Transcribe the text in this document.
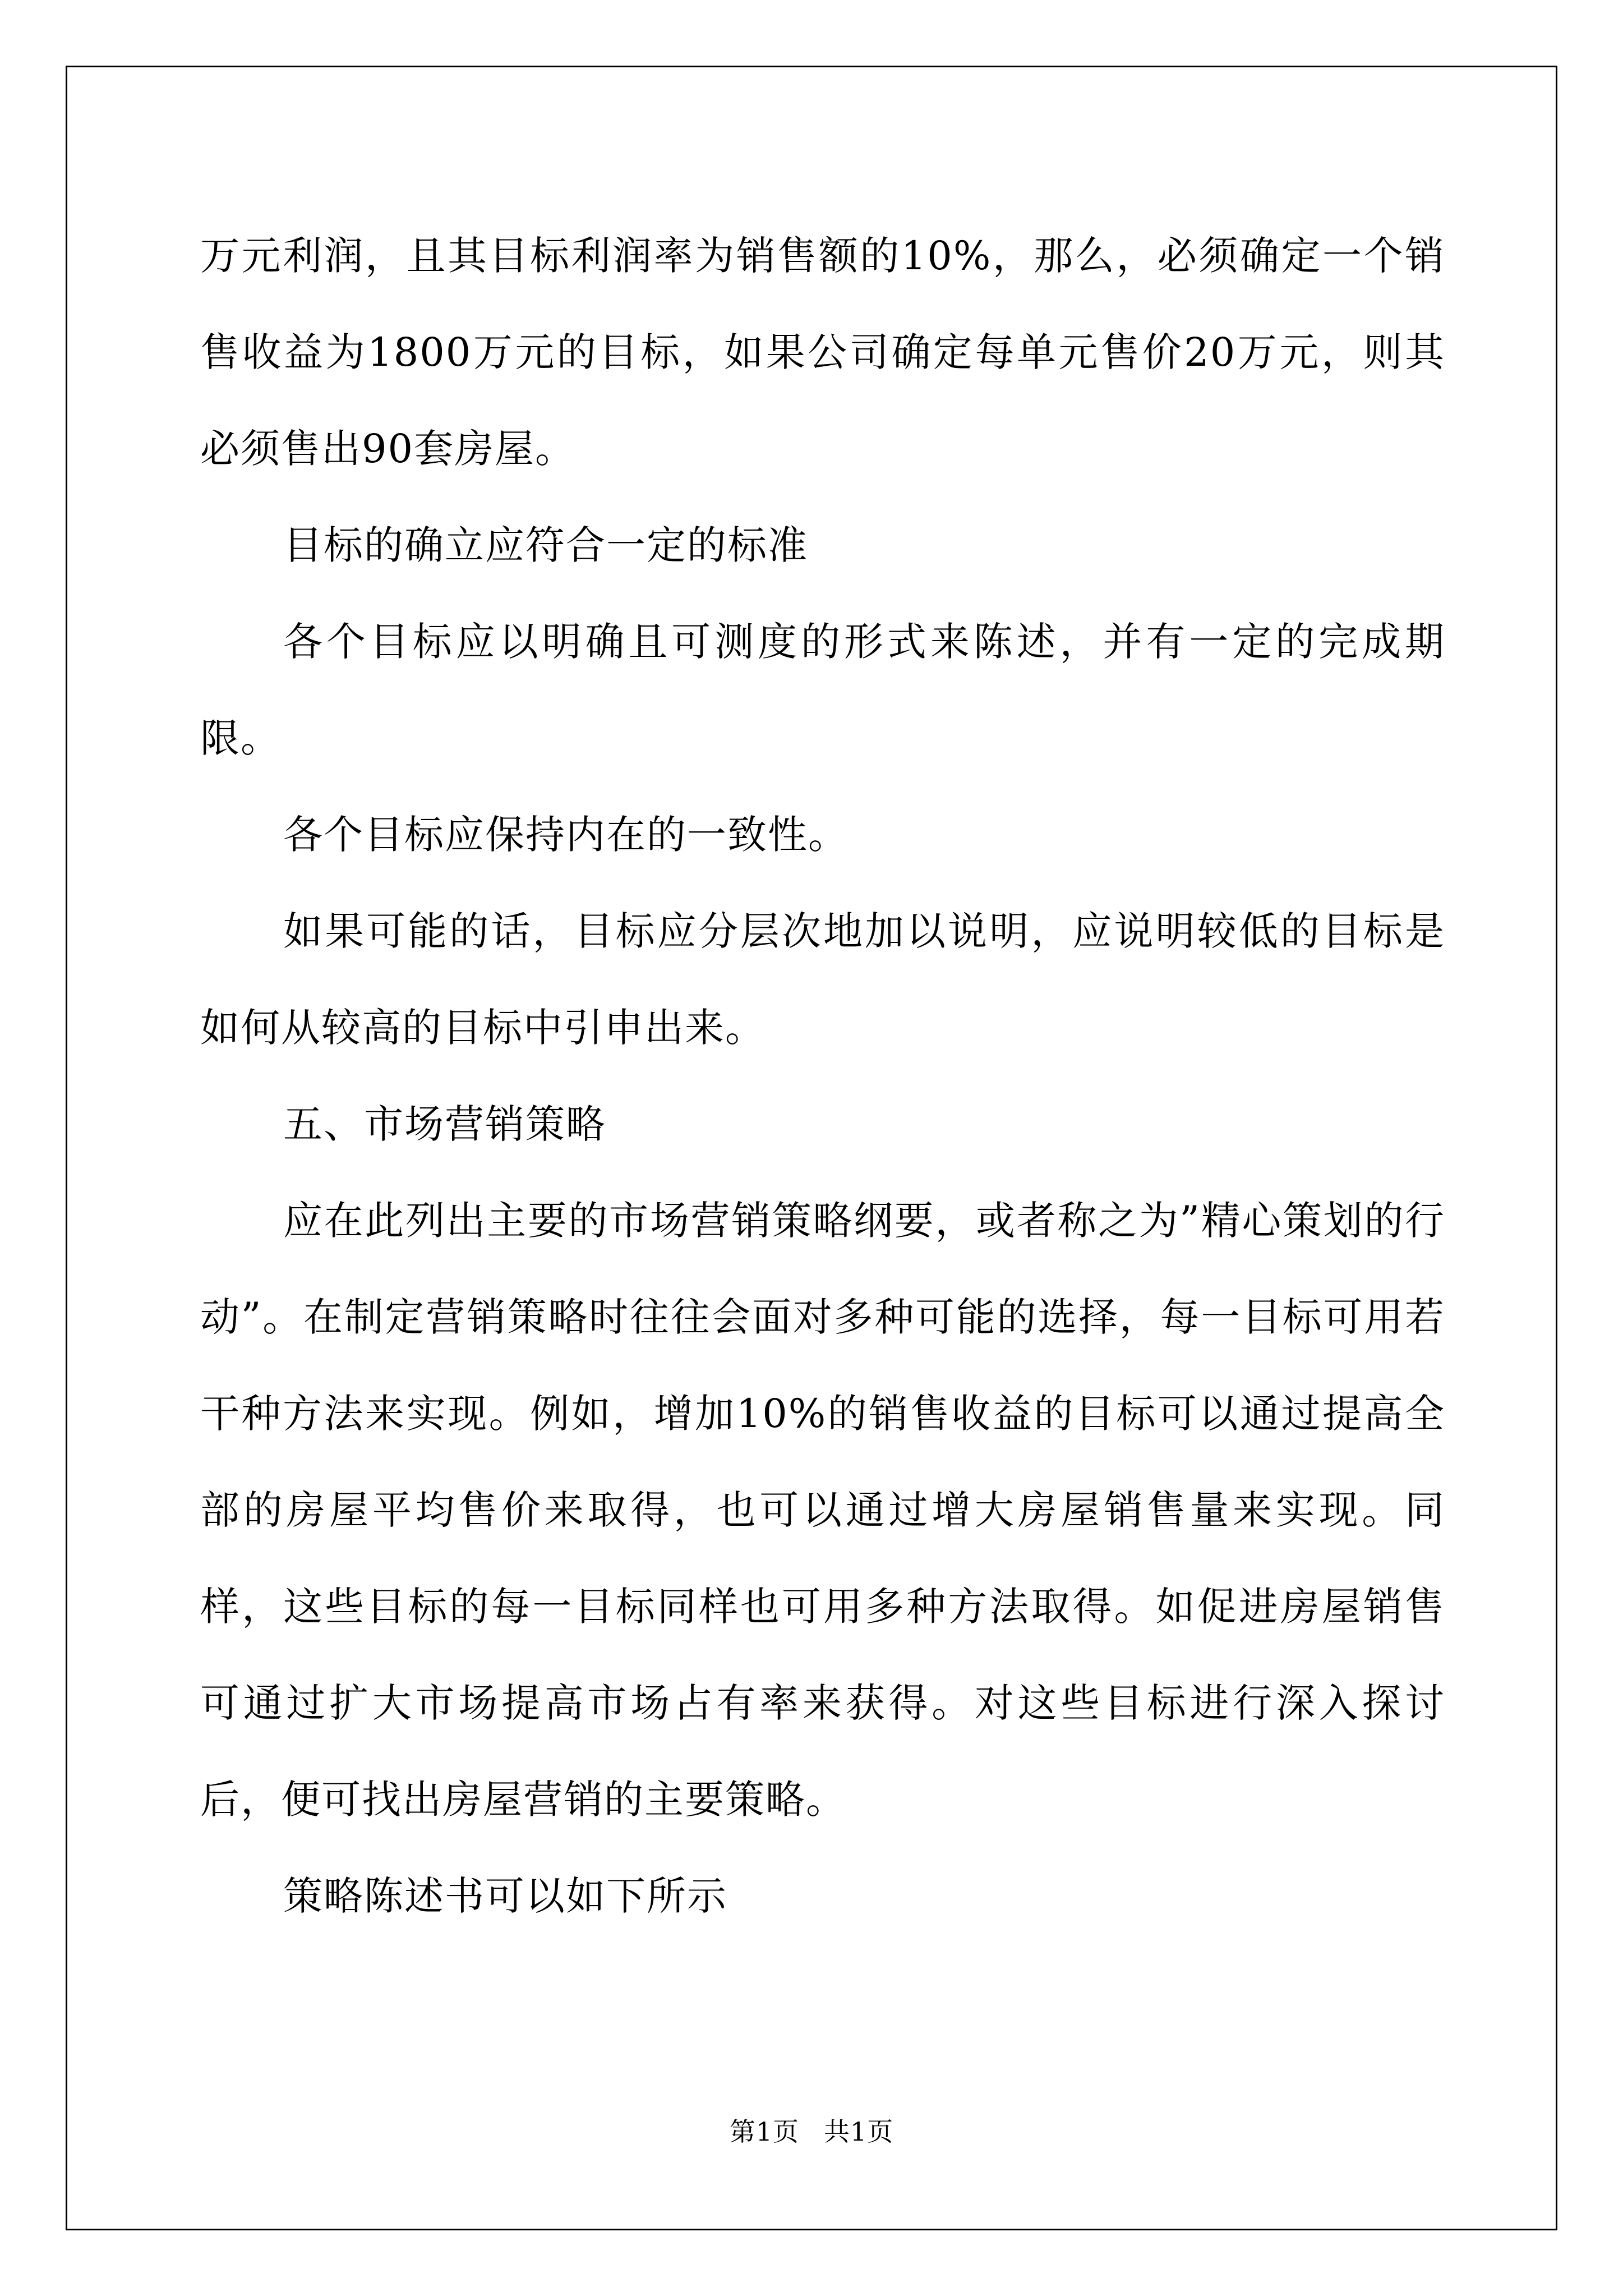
万元利润，且其目标利润率为销售额的10%，那么，必须确定一个销售收益为1800万元的目标，如果公司确定每单元售价20万元，则其必须售出90套房屋。

目标的确立应符合一定的标准

各个目标应以明确且可测度的形式来陈述，并有一定的完成期限。

各个目标应保持内在的一致性。

如果可能的话，目标应分层次地加以说明，应说明较低的目标是如何从较高的目标中引申出来。

五、市场营销策略

应在此列出主要的市场营销策略纲要，或者称之为”精心策划的行动”。在制定营销策略时往往会面对多种可能的选择，每一目标可用若干种方法来实现。例如，增加10%的销售收益的目标可以通过提高全部的房屋平均售价来取得，也可以通过增大房屋销售量来实现。同样，这些目标的每一目标同样也可用多种方法取得。如促进房屋销售可通过扩大市场提高市场占有率来获得。对这些目标进行深入探讨后，便可找出房屋营销的主要策略。

策略陈述书可以如下所示

第1页 共1页
